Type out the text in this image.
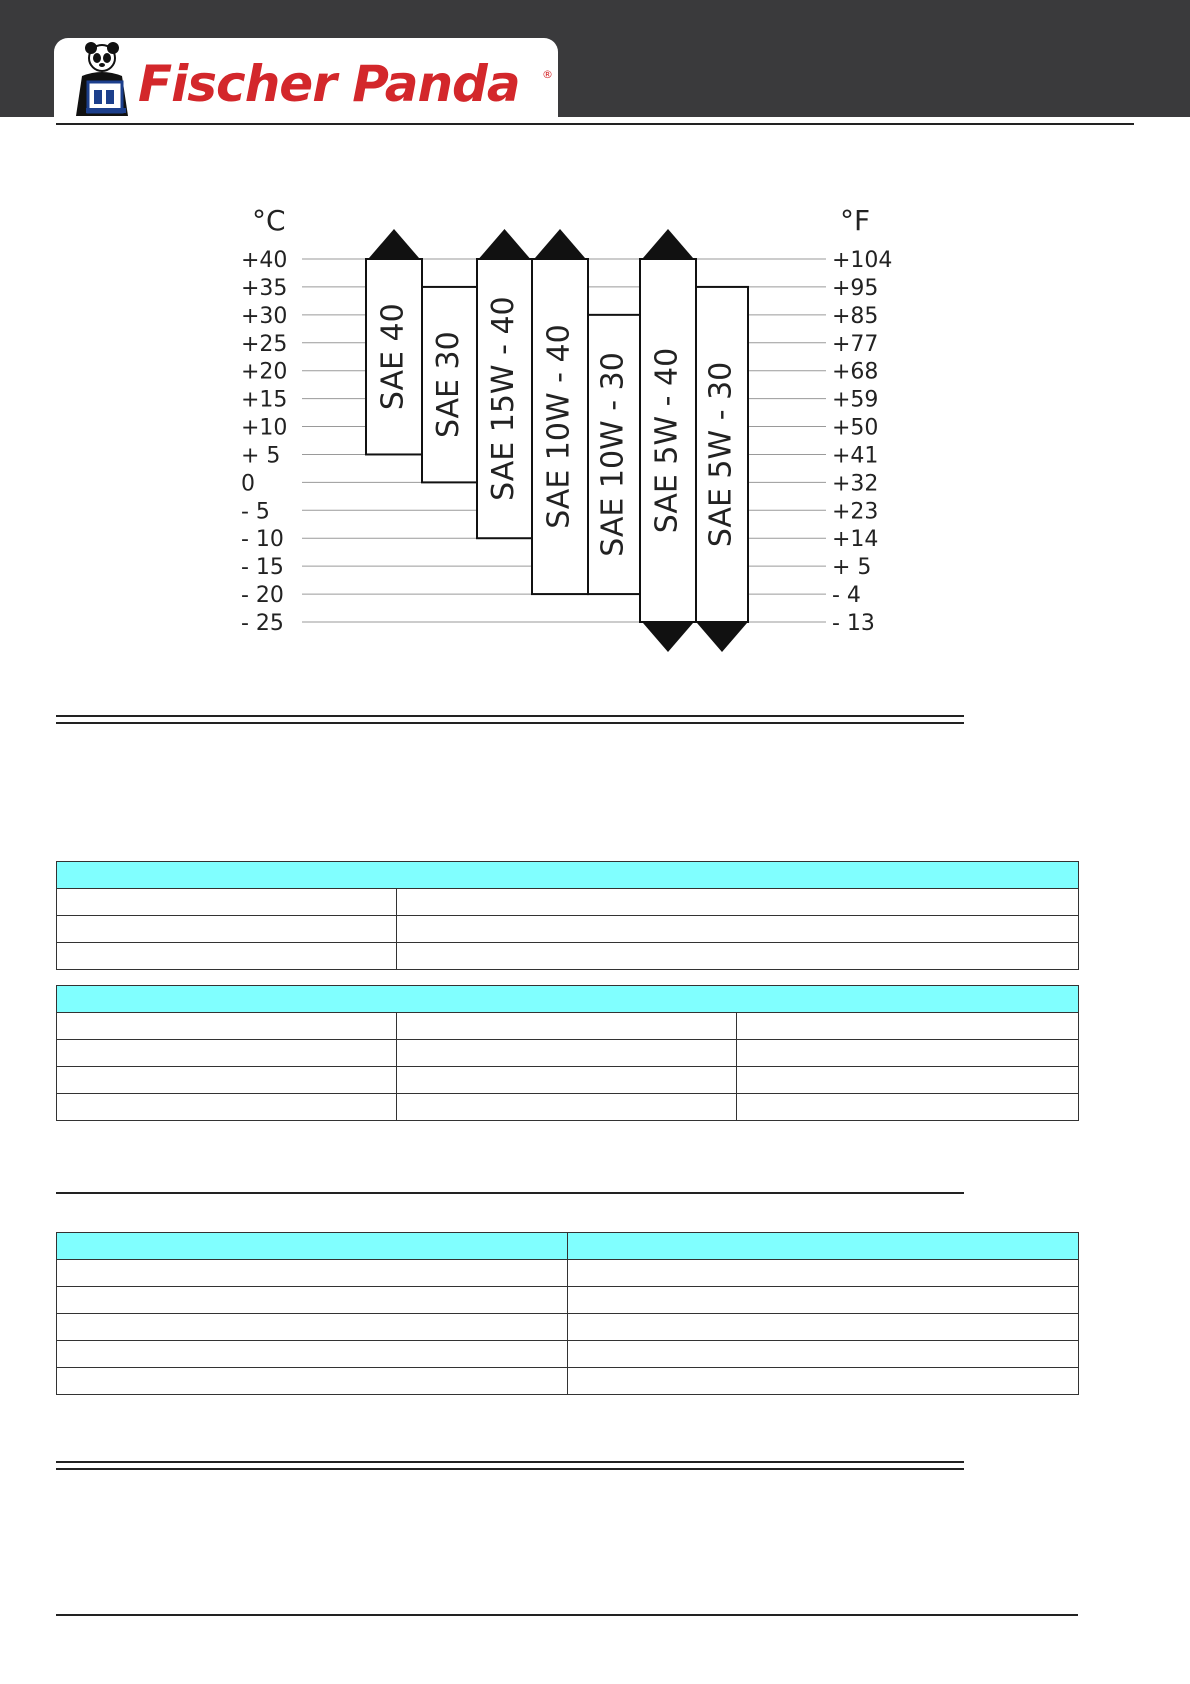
Fischer Panda ®
°C	°F
+40	+104
+35	+95
+30	+85
+25	+77
+20	+68
+15	+59
+10	+50
+ 5	+41
0	+32
- 5	+23
- 10	+14
- 15	+ 5
- 20	- 4
- 25	- 13
SAE 40 SAE 30 SAE 15W - 40 SAE 10W - 40 SAE 10W - 30 SAE 5W - 40 SAE 5W - 30
